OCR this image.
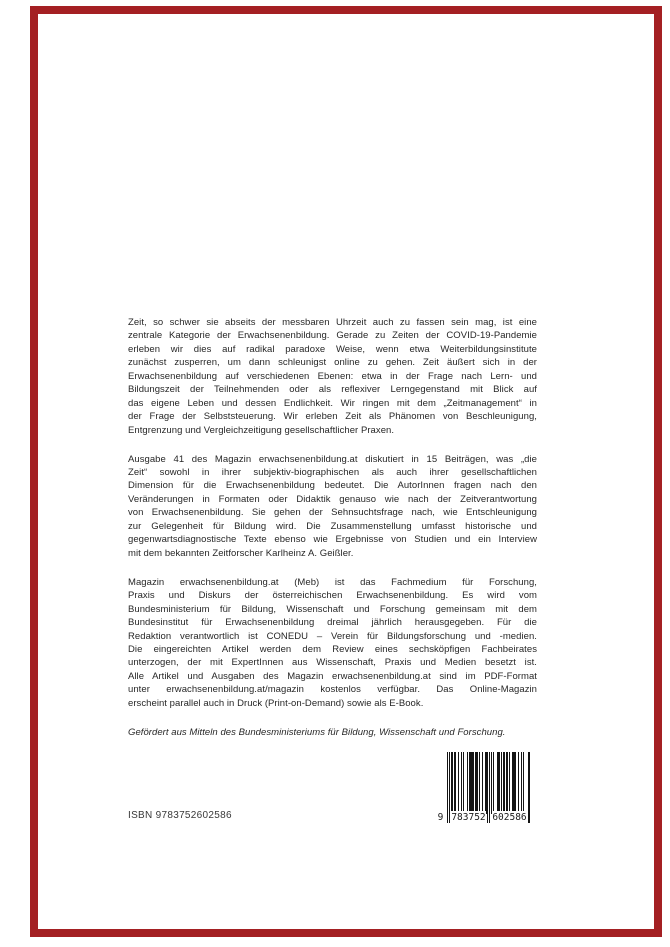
Zeit, so schwer sie abseits der messbaren Uhrzeit auch zu fassen sein mag, ist eine
zentrale Kategorie der Erwachsenenbildung. Gerade zu Zeiten der COVID-19-Pandemie
erleben wir dies auf radikal paradoxe Weise, wenn etwa Weiterbildungsinstitute
zunächst zusperren, um dann schleunigst online zu gehen. Zeit äußert sich in der
Erwachsenenbildung auf verschiedenen Ebenen: etwa in der Frage nach Lern- und
Bildungszeit der Teilnehmenden oder als reflexiver Lerngegenstand mit Blick auf
das eigene Leben und dessen Endlichkeit. Wir ringen mit dem „Zeitmanagement“ in
der Frage der Selbststeuerung. Wir erleben Zeit als Phänomen von Beschleunigung,
Entgrenzung und Vergleichzeitigung gesellschaftlicher Praxen.
Ausgabe 41 des Magazin erwachsenenbildung.at diskutiert in 15 Beiträgen, was „die
Zeit“ sowohl in ihrer subjektiv-biographischen als auch ihrer gesellschaftlichen
Dimension für die Erwachsenenbildung bedeutet. Die AutorInnen fragen nach den
Veränderungen in Formaten oder Didaktik genauso wie nach der Zeitverantwortung
von Erwachsenenbildung. Sie gehen der Sehnsuchtsfrage nach, wie Entschleunigung
zur Gelegenheit für Bildung wird. Die Zusammenstellung umfasst historische und
gegenwartsdiagnostische Texte ebenso wie Ergebnisse von Studien und ein Interview
mit dem bekannten Zeitforscher Karlheinz A. Geißler.
Magazin erwachsenenbildung.at (Meb) ist das Fachmedium für Forschung,
Praxis und Diskurs der österreichischen Erwachsenenbildung. Es wird vom
Bundesministerium für Bildung, Wissenschaft und Forschung gemeinsam mit dem
Bundesinstitut für Erwachsenenbildung dreimal jährlich herausgegeben. Für die
Redaktion verantwortlich ist CONEDU – Verein für Bildungsforschung und -medien.
Die eingereichten Artikel werden dem Review eines sechsköpfigen Fachbeirates
unterzogen, der mit ExpertInnen aus Wissenschaft, Praxis und Medien besetzt ist.
Alle Artikel und Ausgaben des Magazin erwachsenenbildung.at sind im PDF-Format
unter erwachsenenbildung.at/magazin kostenlos verfügbar. Das Online-Magazin
erscheint parallel auch in Druck (Print-on-Demand) sowie als E-Book.
Gefördert aus Mitteln des Bundesministeriums für Bildung, Wissenschaft und Forschung.
ISBN 9783752602586	9 783752 602586
